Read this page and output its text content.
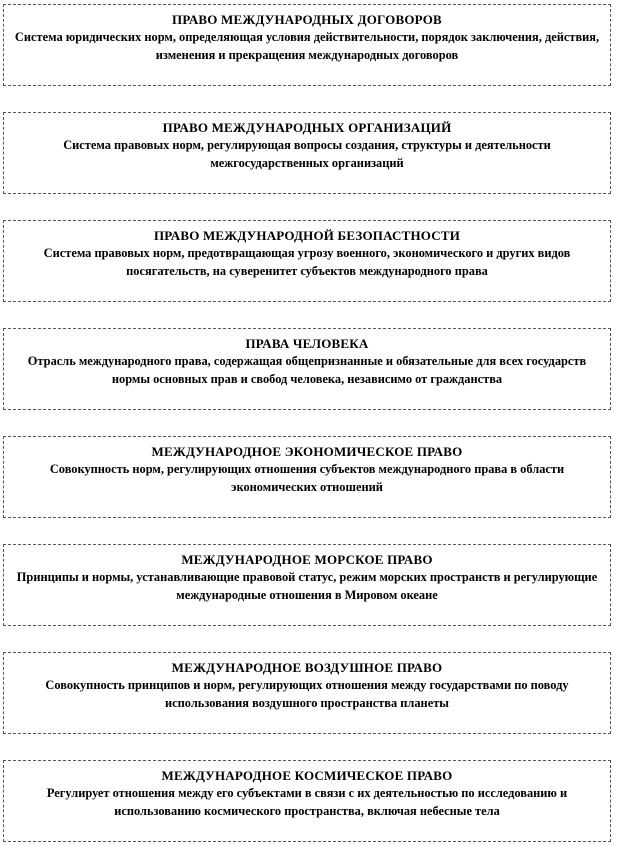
ПРАВО МЕЖДУНАРОДНЫХ ДОГОВОРОВ
Система юридических норм, определяющая условия действительности, порядок заключения, действия, изменения и прекращения международных договоров
ПРАВО МЕЖДУНАРОДНЫХ ОРГАНИЗАЦИЙ
Система правовых норм, регулирующая вопросы создания, структуры и деятельности межгосударственных организаций
ПРАВО МЕЖДУНАРОДНОЙ БЕЗОПАСТНОСТИ
Система правовых норм, предотвращающая угрозу военного, экономического и других видов посягательств, на суверенитет субъектов международного права
ПРАВА ЧЕЛОВЕКА
Отрасль международного права, содержащая общепризнанные и обязательные для всех государств нормы основных прав и свобод человека, независимо от гражданства
МЕЖДУНАРОДНОЕ ЭКОНОМИЧЕСКОЕ ПРАВО
Совокупность норм, регулирующих отношения субъектов международного права в области экономических отношений
МЕЖДУНАРОДНОЕ МОРСКОЕ ПРАВО
Принципы и нормы, устанавливающие правовой статус, режим морских пространств и регулирующие международные отношения в Мировом океане
МЕЖДУНАРОДНОЕ ВОЗДУШНОЕ ПРАВО
Совокупность принципов и норм, регулирующих отношения между государствами по поводу использования воздушного пространства планеты
МЕЖДУНАРОДНОЕ КОСМИЧЕСКОЕ ПРАВО
Регулирует отношения между его субъектами в связи с их деятельностью по исследованию и использованию космического пространства, включая небесные тела
